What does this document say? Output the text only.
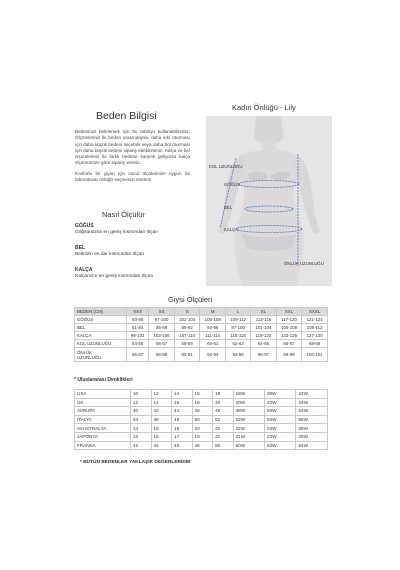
Beden Bilgisi
Kadın Önlüğü - Lily

Bedeninizi belirlemek için bu tabloyu kullanabilirsiniz. Ölçümleriniz iki beden arasındaysa, daha sıkı oturması için daha küçük bedeni seçebilir veya daha bol oturması için daha büyük bedeni sipariş edebilirsiniz. Kalça ve bel ölçümleriniz iki farklı bedene karşılık geliyorsa kalça ölçümünüze göre sipariş veriniz.

Konforlu bir giyim için vücut ölçülerinize uygun bir laboratuvar önlüğü seçmenizi öneririz.

Nasıl Ölçülür
GÖĞÜS
Göğsünüzün en geniş kısmından ölçün
BEL
Belinizin en dar kısmından ölçün
KALÇA
Kalçanızın en geniş kısmından ölçün
KOL UZUNLUĞU
GÖĞÜS
BEL
KALÇA
ÖNLÜK UZUNLUĞU
Giysi Ölçüleri
BEDEN (CM)	XXS	XS	S	M	L	XL	XXL	XXXL
GÖĞÜS	93-96	97-100	101-104	105-108	109-112	113-116	117-120	121-124
BEL	81-84	85-88	89-92	93-96	97-100	101-104	105-108	109-112
KALÇA	99-102	103-106	107-110	111-114	115-118	119-122	123-126	127-130
KOL UZUNLUĞU	54-55	56-57	58-59	60-61	62-63	64-65	66-67	68-69
ÖNLÜK
UZUNLUĞU	86-87	88-89	90-91	92-93	94-95	96-97	98-99	100-101
* Uluslararası Denklikleri
USA	10	12	14	16	18	18W	20W	22W
UK	12	14	16	18	20	20W	22W	24W
AVRUPA	40	42	44	46	48	48W	50W	52W
İTALYA	44	46	48	50	52	52W	54W	56W
AVUSTRALYA	14	16	18	20	22	22W	24W	26W
JAPONYA	13	15	17	19	21	21W	23W	25W
FRANSA	42	44	46	48	50	50W	52W	54W
* BÜTÜN BEDENLER YAKLAŞIK DEĞERLERİDİR
